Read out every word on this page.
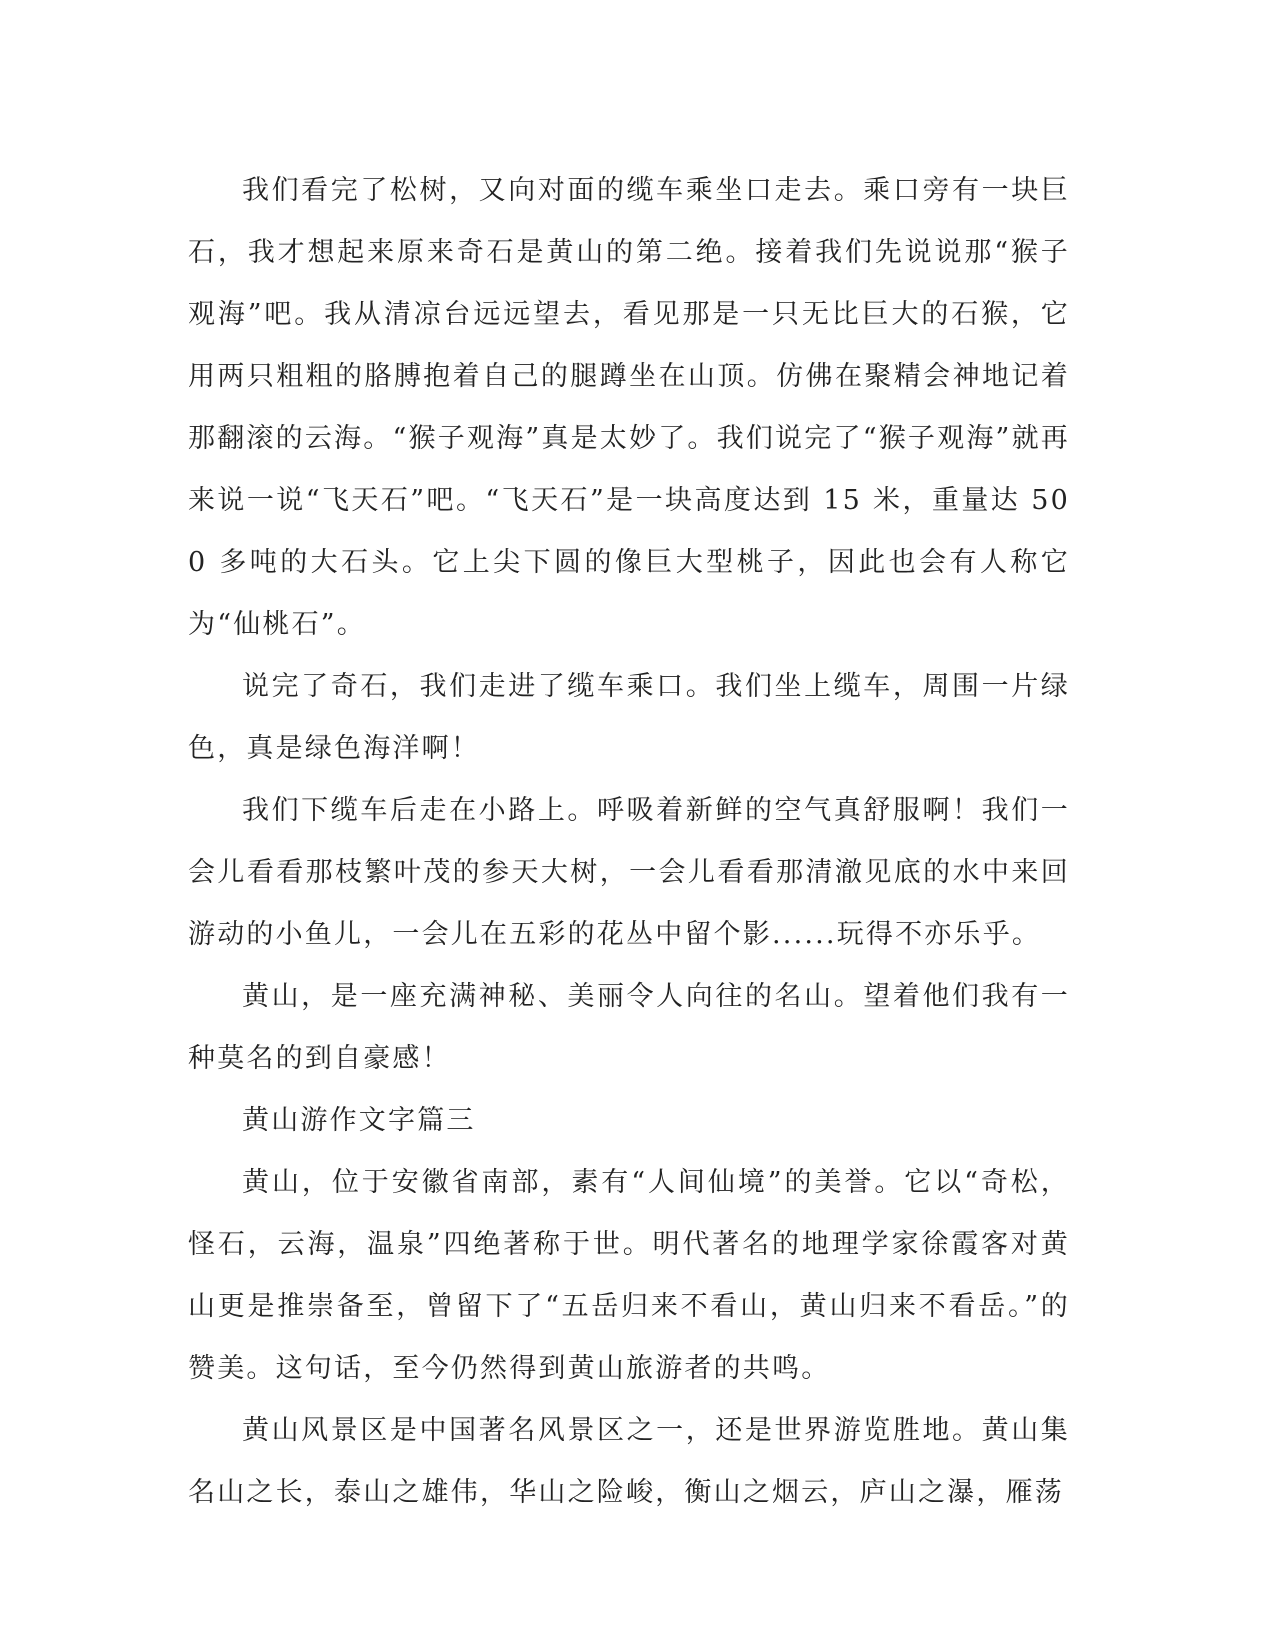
我们看完了松树，又向对面的缆车乘坐口走去。乘口旁有一块巨石，我才想起来原来奇石是黄山的第二绝。接着我们先说说那“猴子观海”吧。我从清凉台远远望去，看见那是一只无比巨大的石猴，它用两只粗粗的胳膊抱着自己的腿蹲坐在山顶。仿佛在聚精会神地记着那翻滚的云海。“猴子观海”真是太妙了。我们说完了“猴子观海”就再来说一说“飞天石”吧。“飞天石”是一块高度达到 15 米，重量达 500 多吨的大石头。它上尖下圆的像巨大型桃子，因此也会有人称它为“仙桃石”。

说完了奇石，我们走进了缆车乘口。我们坐上缆车，周围一片绿色，真是绿色海洋啊！

我们下缆车后走在小路上。呼吸着新鲜的空气真舒服啊！我们一会儿看看那枝繁叶茂的参天大树，一会儿看看那清澈见底的水中来回游动的小鱼儿，一会儿在五彩的花丛中留个影......玩得不亦乐乎。

黄山，是一座充满神秘、美丽令人向往的名山。望着他们我有一种莫名的到自豪感！

黄山游作文字篇三

黄山，位于安徽省南部，素有“人间仙境”的美誉。它以“奇松，怪石，云海，温泉”四绝著称于世。明代著名的地理学家徐霞客对黄山更是推崇备至，曾留下了“五岳归来不看山，黄山归来不看岳。”的赞美。这句话，至今仍然得到黄山旅游者的共鸣。

黄山风景区是中国著名风景区之一，还是世界游览胜地。黄山集名山之长，泰山之雄伟，华山之险峻，衡山之烟云，庐山之瀑，雁荡
